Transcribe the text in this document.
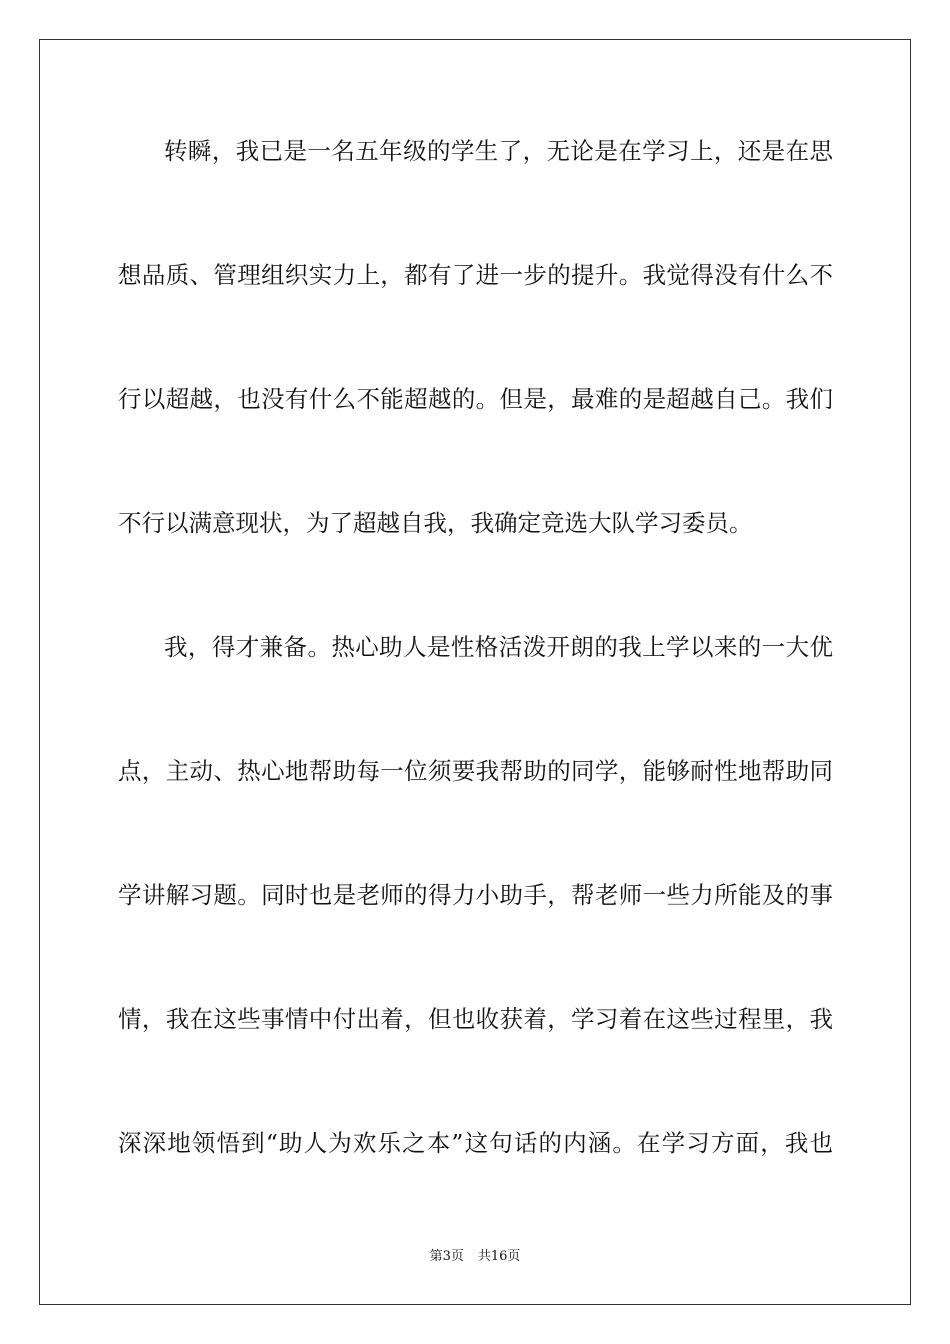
转瞬，我已是一名五年级的学生了，无论是在学习上，还是在思
想品质、管理组织实力上，都有了进一步的提升。我觉得没有什么不
行以超越，也没有什么不能超越的。但是，最难的是超越自己。我们
不行以满意现状，为了超越自我，我确定竞选大队学习委员。
我，得才兼备。热心助人是性格活泼开朗的我上学以来的一大优
点，主动、热心地帮助每一位须要我帮助的同学，能够耐性地帮助同
学讲解习题。同时也是老师的得力小助手，帮老师一些力所能及的事
情，我在这些事情中付出着，但也收获着，学习着在这些过程里，我
深深地领悟到“助人为欢乐之本”这句话的内涵。在学习方面，我也
第3页 共16页
